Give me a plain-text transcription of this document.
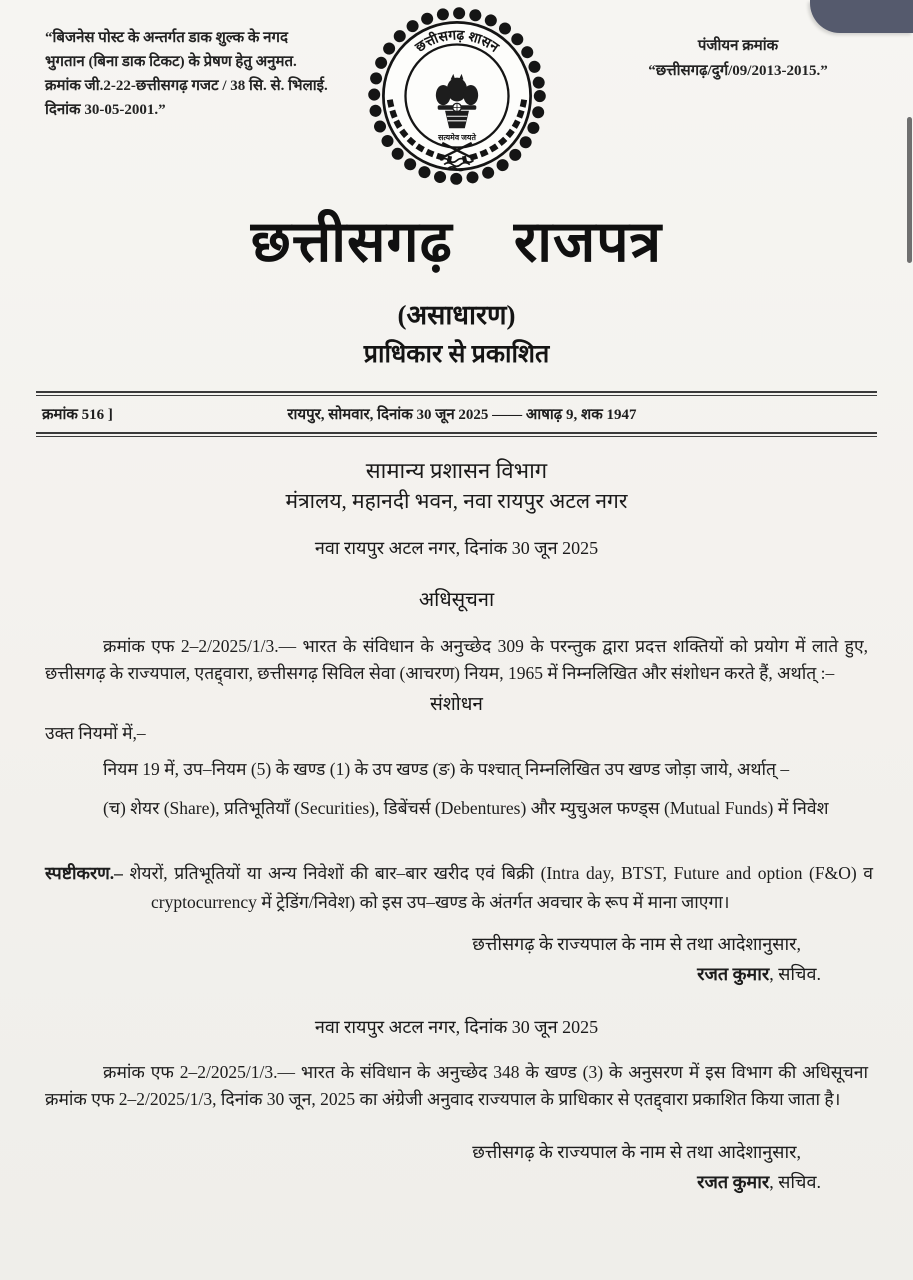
“बिजनेस पोस्ट के अन्तर्गत डाक शुल्क के नगद भुगतान (बिना डाक टिकट) के प्रेषण हेतु अनुमत. क्रमांक जी.2-22-छत्तीसगढ़ गजट / 38 सि. से. भिलाई. दिनांक 30-05-2001.”
छत्तीसगढ़ शासन
सत्यमेव जयते
पंजीयन क्रमांक
“छत्तीसगढ़/दुर्ग/09/2013-2015.”
छत्तीसगढ़ राजपत्र
(असाधारण)
प्राधिकार से प्रकाशित
क्रमांक 516 ]	रायपुर, सोमवार, दिनांक 30 जून 2025 —— आषाढ़ 9, शक 1947
सामान्य प्रशासन विभाग
मंत्रालय, महानदी भवन, नवा रायपुर अटल नगर
नवा रायपुर अटल नगर, दिनांक 30 जून 2025
अधिसूचना

क्रमांक एफ 2–2/2025/1/3.— भारत के संविधान के अनुच्छेद 309 के परन्तुक द्वारा प्रदत्त शक्तियों को प्रयोग में लाते हुए, छत्तीसगढ़ के राज्यपाल, एतद्द्वारा, छत्तीसगढ़ सिविल सेवा (आचरण) नियम, 1965 में निम्नलिखित और संशोधन करते हैं, अर्थात् :–

संशोधन

उक्त नियमों में,–

नियम 19 में, उप–नियम (5) के खण्ड (1) के उप खण्ड (ङ) के पश्चात् निम्नलिखित उप खण्ड जोड़ा जाये, अर्थात् –

(च) शेयर (Share), प्रतिभूतियाँ (Securities), डिबेंचर्स (Debentures) और म्युचुअल फण्ड्स (Mutual Funds) में निवेश

स्पष्टीकरण.– शेयरों, प्रतिभूतियों या अन्य निवेशों की बार–बार खरीद एवं बिक्री (Intra day, BTST, Future and option (F&O) व cryptocurrency में ट्रेडिंग/निवेश) को इस उप–खण्ड के अंतर्गत अवचार के रूप में माना जाएगा।

छत्तीसगढ़ के राज्यपाल के नाम से तथा आदेशानुसार,
रजत कुमार, सचिव.
नवा रायपुर अटल नगर, दिनांक 30 जून 2025

क्रमांक एफ 2–2/2025/1/3.— भारत के संविधान के अनुच्छेद 348 के खण्ड (3) के अनुसरण में इस विभाग की अधिसूचना क्रमांक एफ 2–2/2025/1/3, दिनांक 30 जून, 2025 का अंग्रेजी अनुवाद राज्यपाल के प्राधिकार से एतद्द्वारा प्रकाशित किया जाता है।

छत्तीसगढ़ के राज्यपाल के नाम से तथा आदेशानुसार,
रजत कुमार, सचिव.
